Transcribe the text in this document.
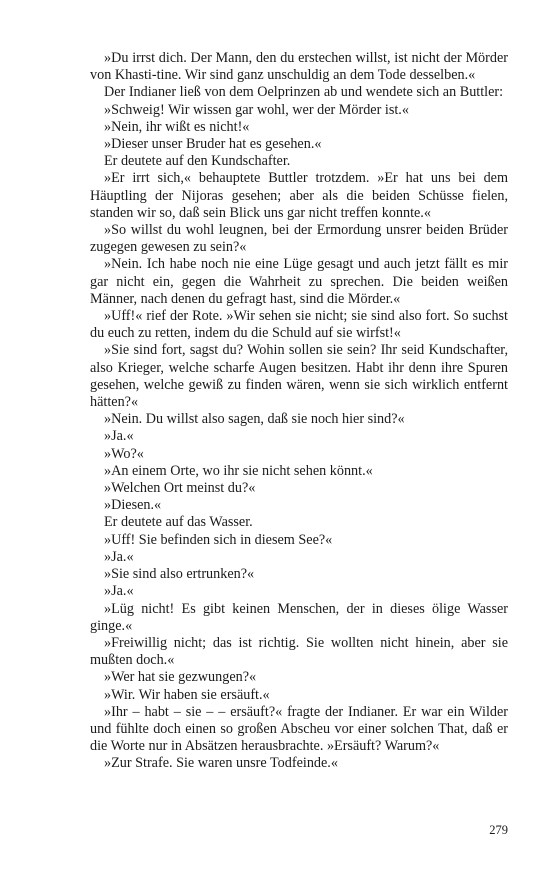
»Du irrst dich. Der Mann, den du erstechen willst, ist nicht der Mörder von Khasti-tine. Wir sind ganz unschuldig an dem Tode desselben.«

Der Indianer ließ von dem Oelprinzen ab und wendete sich an Buttler:

»Schweig! Wir wissen gar wohl, wer der Mörder ist.«

»Nein, ihr wißt es nicht!«

»Dieser unser Bruder hat es gesehen.«

Er deutete auf den Kundschafter.

»Er irrt sich,« behauptete Buttler trotzdem. »Er hat uns bei dem Häuptling der Nijoras gesehen; aber als die beiden Schüsse fielen, standen wir so, daß sein Blick uns gar nicht treffen konnte.«

»So willst du wohl leugnen, bei der Ermordung unsrer beiden Brüder zugegen gewesen zu sein?«

»Nein. Ich habe noch nie eine Lüge gesagt und auch jetzt fällt es mir gar nicht ein, gegen die Wahrheit zu sprechen. Die beiden weißen Männer, nach denen du gefragt hast, sind die Mörder.«

»Uff!« rief der Rote. »Wir sehen sie nicht; sie sind also fort. So suchst du euch zu retten, indem du die Schuld auf sie wirfst!«

»Sie sind fort, sagst du? Wohin sollen sie sein? Ihr seid Kundschafter, also Krieger, welche scharfe Augen besitzen. Habt ihr denn ihre Spuren gesehen, welche gewiß zu finden wären, wenn sie sich wirklich entfernt hätten?«

»Nein. Du willst also sagen, daß sie noch hier sind?«

»Ja.«

»Wo?«

»An einem Orte, wo ihr sie nicht sehen könnt.«

»Welchen Ort meinst du?«

»Diesen.«

Er deutete auf das Wasser.

»Uff! Sie befinden sich in diesem See?«

»Ja.«

»Sie sind also ertrunken?«

»Ja.«

»Lüg nicht! Es gibt keinen Menschen, der in dieses ölige Wasser ginge.«

»Freiwillig nicht; das ist richtig. Sie wollten nicht hinein, aber sie mußten doch.«

»Wer hat sie gezwungen?«

»Wir. Wir haben sie ersäuft.«

»Ihr – habt – sie – – ersäuft?« fragte der Indianer. Er war ein Wilder und fühlte doch einen so großen Abscheu vor einer solchen That, daß er die Worte nur in Absätzen herausbrachte. »Ersäuft? Warum?«

»Zur Strafe. Sie waren unsre Todfeinde.«

279
